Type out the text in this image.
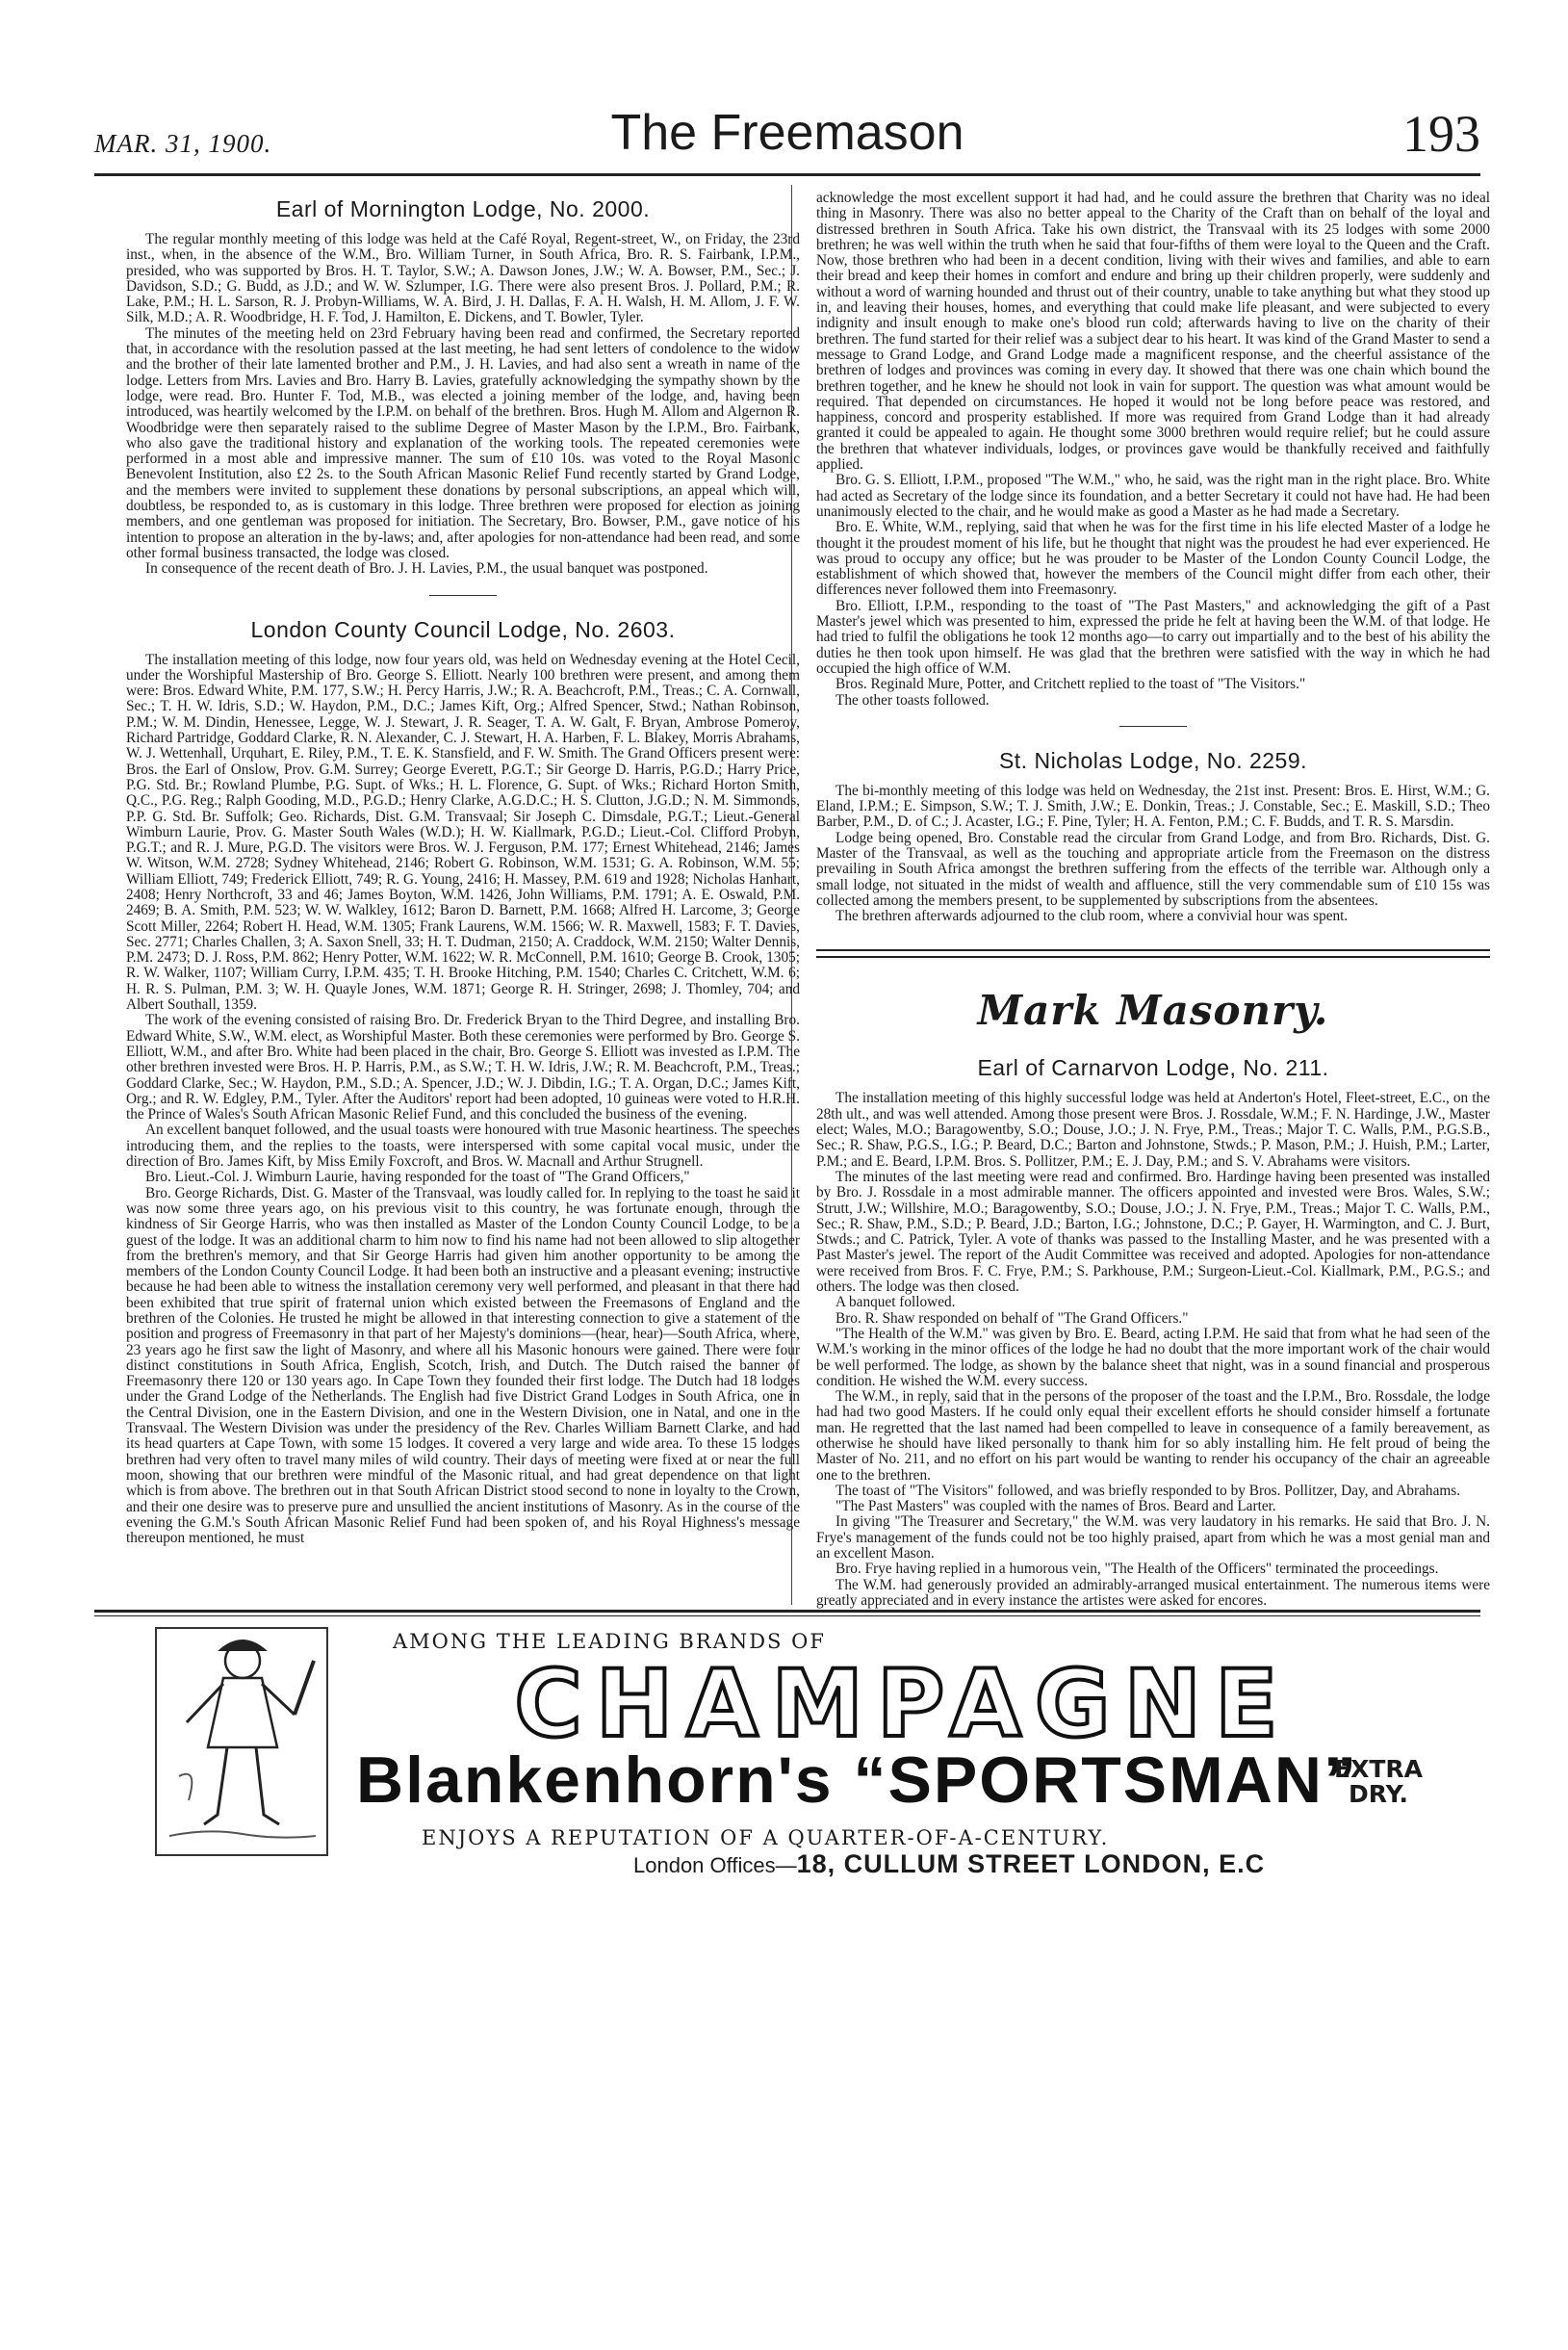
MAR. 31, 1900.	The Freemason	193
Earl of Mornington Lodge, No. 2000.

The regular monthly meeting of this lodge was held at the Café Royal, Regent-street, W., on Friday, the 23rd inst., when, in the absence of the W.M., Bro. William Turner, in South Africa, Bro. R. S. Fairbank, I.P.M., presided, who was supported by Bros. H. T. Taylor, S.W.; A. Dawson Jones, J.W.; W. A. Bowser, P.M., Sec.; J. Davidson, S.D.; G. Budd, as J.D.; and W. W. Szlumper, I.G. There were also present Bros. J. Pollard, P.M.; R. Lake, P.M.; H. L. Sarson, R. J. Probyn-Williams, W. A. Bird, J. H. Dallas, F. A. H. Walsh, H. M. Allom, J. F. W. Silk, M.D.; A. R. Woodbridge, H. F. Tod, J. Hamilton, E. Dickens, and T. Bowler, Tyler.

The minutes of the meeting held on 23rd February having been read and confirmed, the Secretary reported that, in accordance with the resolution passed at the last meeting, he had sent letters of condolence to the widow and the brother of their late lamented brother and P.M., J. H. Lavies, and had also sent a wreath in name of the lodge. Letters from Mrs. Lavies and Bro. Harry B. Lavies, gratefully acknowledging the sympathy shown by the lodge, were read. Bro. Hunter F. Tod, M.B., was elected a joining member of the lodge, and, having been introduced, was heartily welcomed by the I.P.M. on behalf of the brethren. Bros. Hugh M. Allom and Algernon R. Woodbridge were then separately raised to the sublime Degree of Master Mason by the I.P.M., Bro. Fairbank, who also gave the traditional history and explanation of the working tools. The repeated ceremonies were performed in a most able and impressive manner. The sum of £10 10s. was voted to the Royal Masonic Benevolent Institution, also £2 2s. to the South African Masonic Relief Fund recently started by Grand Lodge, and the members were invited to supplement these donations by personal subscriptions, an appeal which will, doubtless, be responded to, as is customary in this lodge. Three brethren were proposed for election as joining members, and one gentleman was proposed for initiation. The Secretary, Bro. Bowser, P.M., gave notice of his intention to propose an alteration in the by-laws; and, after apologies for non-attendance had been read, and some other formal business transacted, the lodge was closed.

In consequence of the recent death of Bro. J. H. Lavies, P.M., the usual banquet was postponed.

London County Council Lodge, No. 2603.

The installation meeting of this lodge, now four years old, was held on Wednesday evening at the Hotel Cecil, under the Worshipful Mastership of Bro. George S. Elliott. Nearly 100 brethren were present, and among them were: Bros. Edward White, P.M. 177, S.W.; H. Percy Harris, J.W.; R. A. Beachcroft, P.M., Treas.; C. A. Cornwall, Sec.; T. H. W. Idris, S.D.; W. Haydon, P.M., D.C.; James Kift, Org.; Alfred Spencer, Stwd.; Nathan Robinson, P.M.; W. M. Dindin, Henessee, Legge, W. J. Stewart, J. R. Seager, T. A. W. Galt, F. Bryan, Ambrose Pomeroy, Richard Partridge, Goddard Clarke, R. N. Alexander, C. J. Stewart, H. A. Harben, F. L. Blakey, Morris Abrahams, W. J. Wettenhall, Urquhart, E. Riley, P.M., T. E. K. Stansfield, and F. W. Smith. The Grand Officers present were: Bros. the Earl of Onslow, Prov. G.M. Surrey; George Everett, P.G.T.; Sir George D. Harris, P.G.D.; Harry Price, P.G. Std. Br.; Rowland Plumbe, P.G. Supt. of Wks.; H. L. Florence, G. Supt. of Wks.; Richard Horton Smith, Q.C., P.G. Reg.; Ralph Gooding, M.D., P.G.D.; Henry Clarke, A.G.D.C.; H. S. Clutton, J.G.D.; N. M. Simmonds, P.P. G. Std. Br. Suffolk; Geo. Richards, Dist. G.M. Transvaal; Sir Joseph C. Dimsdale, P.G.T.; Lieut.-General Wimburn Laurie, Prov. G. Master South Wales (W.D.); H. W. Kiallmark, P.G.D.; Lieut.-Col. Clifford Probyn, P.G.T.; and R. J. Mure, P.G.D. The visitors were Bros. W. J. Ferguson, P.M. 177; Ernest Whitehead, 2146; James W. Witson, W.M. 2728; Sydney Whitehead, 2146; Robert G. Robinson, W.M. 1531; G. A. Robinson, W.M. 55; William Elliott, 749; Frederick Elliott, 749; R. G. Young, 2416; H. Massey, P.M. 619 and 1928; Nicholas Hanhart, 2408; Henry Northcroft, 33 and 46; James Boyton, W.M. 1426, John Williams, P.M. 1791; A. E. Oswald, P.M. 2469; B. A. Smith, P.M. 523; W. W. Walkley, 1612; Baron D. Barnett, P.M. 1668; Alfred H. Larcome, 3; George Scott Miller, 2264; Robert H. Head, W.M. 1305; Frank Laurens, W.M. 1566; W. R. Maxwell, 1583; F. T. Davies, Sec. 2771; Charles Challen, 3; A. Saxon Snell, 33; H. T. Dudman, 2150; A. Craddock, W.M. 2150; Walter Dennis, P.M. 2473; D. J. Ross, P.M. 862; Henry Potter, W.M. 1622; W. R. McConnell, P.M. 1610; George B. Crook, 1305; R. W. Walker, 1107; William Curry, I.P.M. 435; T. H. Brooke Hitching, P.M. 1540; Charles C. Critchett, W.M. 6; H. R. S. Pulman, P.M. 3; W. H. Quayle Jones, W.M. 1871; George R. H. Stringer, 2698; J. Thomley, 704; and Albert Southall, 1359.

The work of the evening consisted of raising Bro. Dr. Frederick Bryan to the Third Degree, and installing Bro. Edward White, S.W., W.M. elect, as Worshipful Master. Both these ceremonies were performed by Bro. George S. Elliott, W.M., and after Bro. White had been placed in the chair, Bro. George S. Elliott was invested as I.P.M. The other brethren invested were Bros. H. P. Harris, P.M., as S.W.; T. H. W. Idris, J.W.; R. M. Beachcroft, P.M., Treas.; Goddard Clarke, Sec.; W. Haydon, P.M., S.D.; A. Spencer, J.D.; W. J. Dibdin, I.G.; T. A. Organ, D.C.; James Kift, Org.; and R. W. Edgley, P.M., Tyler. After the Auditors' report had been adopted, 10 guineas were voted to H.R.H. the Prince of Wales's South African Masonic Relief Fund, and this concluded the business of the evening.

An excellent banquet followed, and the usual toasts were honoured with true Masonic heartiness. The speeches introducing them, and the replies to the toasts, were interspersed with some capital vocal music, under the direction of Bro. James Kift, by Miss Emily Foxcroft, and Bros. W. Macnall and Arthur Strugnell.

Bro. Lieut.-Col. J. Wimburn Laurie, having responded for the toast of "The Grand Officers,"

Bro. George Richards, Dist. G. Master of the Transvaal, was loudly called for. In replying to the toast he said it was now some three years ago, on his previous visit to this country, he was fortunate enough, through the kindness of Sir George Harris, who was then installed as Master of the London County Council Lodge, to be a guest of the lodge. It was an additional charm to him now to find his name had not been allowed to slip altogether from the brethren's memory, and that Sir George Harris had given him another opportunity to be among the members of the London County Council Lodge. It had been both an instructive and a pleasant evening; instructive because he had been able to witness the installation ceremony very well performed, and pleasant in that there had been exhibited that true spirit of fraternal union which existed between the Freemasons of England and the brethren of the Colonies. He trusted he might be allowed in that interesting connection to give a statement of the position and progress of Freemasonry in that part of her Majesty's dominions—(hear, hear)—South Africa, where, 23 years ago he first saw the light of Masonry, and where all his Masonic honours were gained. There were four distinct constitutions in South Africa, English, Scotch, Irish, and Dutch. The Dutch raised the banner of Freemasonry there 120 or 130 years ago. In Cape Town they founded their first lodge. The Dutch had 18 lodges under the Grand Lodge of the Netherlands. The English had five District Grand Lodges in South Africa, one in the Central Division, one in the Eastern Division, and one in the Western Division, one in Natal, and one in the Transvaal. The Western Division was under the presidency of the Rev. Charles William Barnett Clarke, and had its head quarters at Cape Town, with some 15 lodges. It covered a very large and wide area. To these 15 lodges brethren had very often to travel many miles of wild country. Their days of meeting were fixed at or near the full moon, showing that our brethren were mindful of the Masonic ritual, and had great dependence on that light which is from above. The brethren out in that South African District stood second to none in loyalty to the Crown, and their one desire was to preserve pure and unsullied the ancient institutions of Masonry. As in the course of the evening the G.M.'s South African Masonic Relief Fund had been spoken of, and his Royal Highness's message thereupon mentioned, he must

acknowledge the most excellent support it had had, and he could assure the brethren that Charity was no ideal thing in Masonry. There was also no better appeal to the Charity of the Craft than on behalf of the loyal and distressed brethren in South Africa. Take his own district, the Transvaal with its 25 lodges with some 2000 brethren; he was well within the truth when he said that four-fifths of them were loyal to the Queen and the Craft. Now, those brethren who had been in a decent condition, living with their wives and families, and able to earn their bread and keep their homes in comfort and endure and bring up their children properly, were suddenly and without a word of warning hounded and thrust out of their country, unable to take anything but what they stood up in, and leaving their houses, homes, and everything that could make life pleasant, and were subjected to every indignity and insult enough to make one's blood run cold; afterwards having to live on the charity of their brethren. The fund started for their relief was a subject dear to his heart. It was kind of the Grand Master to send a message to Grand Lodge, and Grand Lodge made a magnificent response, and the cheerful assistance of the brethren of lodges and provinces was coming in every day. It showed that there was one chain which bound the brethren together, and he knew he should not look in vain for support. The question was what amount would be required. That depended on circumstances. He hoped it would not be long before peace was restored, and happiness, concord and prosperity established. If more was required from Grand Lodge than it had already granted it could be appealed to again. He thought some 3000 brethren would require relief; but he could assure the brethren that whatever individuals, lodges, or provinces gave would be thankfully received and faithfully applied.

Bro. G. S. Elliott, I.P.M., proposed "The W.M.," who, he said, was the right man in the right place. Bro. White had acted as Secretary of the lodge since its foundation, and a better Secretary it could not have had. He had been unanimously elected to the chair, and he would make as good a Master as he had made a Secretary.

Bro. E. White, W.M., replying, said that when he was for the first time in his life elected Master of a lodge he thought it the proudest moment of his life, but he thought that night was the proudest he had ever experienced. He was proud to occupy any office; but he was prouder to be Master of the London County Council Lodge, the establishment of which showed that, however the members of the Council might differ from each other, their differences never followed them into Freemasonry.

Bro. Elliott, I.P.M., responding to the toast of "The Past Masters," and acknowledging the gift of a Past Master's jewel which was presented to him, expressed the pride he felt at having been the W.M. of that lodge. He had tried to fulfil the obligations he took 12 months ago—to carry out impartially and to the best of his ability the duties he then took upon himself. He was glad that the brethren were satisfied with the way in which he had occupied the high office of W.M.

Bros. Reginald Mure, Potter, and Critchett replied to the toast of "The Visitors."

The other toasts followed.

St. Nicholas Lodge, No. 2259.

The bi-monthly meeting of this lodge was held on Wednesday, the 21st inst. Present: Bros. E. Hirst, W.M.; G. Eland, I.P.M.; E. Simpson, S.W.; T. J. Smith, J.W.; E. Donkin, Treas.; J. Constable, Sec.; E. Maskill, S.D.; Theo Barber, P.M., D. of C.; J. Acaster, I.G.; F. Pine, Tyler; H. A. Fenton, P.M.; C. F. Budds, and T. R. S. Marsdin.

Lodge being opened, Bro. Constable read the circular from Grand Lodge, and from Bro. Richards, Dist. G. Master of the Transvaal, as well as the touching and appropriate article from the Freemason on the distress prevailing in South Africa amongst the brethren suffering from the effects of the terrible war. Although only a small lodge, not situated in the midst of wealth and affluence, still the very commendable sum of £10 15s was collected among the members present, to be supplemented by subscriptions from the absentees.

The brethren afterwards adjourned to the club room, where a convivial hour was spent.

Mark Masonry.
Earl of Carnarvon Lodge, No. 211.

The installation meeting of this highly successful lodge was held at Anderton's Hotel, Fleet-street, E.C., on the 28th ult., and was well attended. Among those present were Bros. J. Rossdale, W.M.; F. N. Hardinge, J.W., Master elect; Wales, M.O.; Baragowentby, S.O.; Douse, J.O.; J. N. Frye, P.M., Treas.; Major T. C. Walls, P.M., P.G.S.B., Sec.; R. Shaw, P.G.S., I.G.; P. Beard, D.C.; Barton and Johnstone, Stwds.; P. Mason, P.M.; J. Huish, P.M.; Larter, P.M.; and E. Beard, I.P.M. Bros. S. Pollitzer, P.M.; E. J. Day, P.M.; and S. V. Abrahams were visitors.

The minutes of the last meeting were read and confirmed. Bro. Hardinge having been presented was installed by Bro. J. Rossdale in a most admirable manner. The officers appointed and invested were Bros. Wales, S.W.; Strutt, J.W.; Willshire, M.O.; Baragowentby, S.O.; Douse, J.O.; J. N. Frye, P.M., Treas.; Major T. C. Walls, P.M., Sec.; R. Shaw, P.M., S.D.; P. Beard, J.D.; Barton, I.G.; Johnstone, D.C.; P. Gayer, H. Warmington, and C. J. Burt, Stwds.; and C. Patrick, Tyler. A vote of thanks was passed to the Installing Master, and he was presented with a Past Master's jewel. The report of the Audit Committee was received and adopted. Apologies for non-attendance were received from Bros. F. C. Frye, P.M.; S. Parkhouse, P.M.; Surgeon-Lieut.-Col. Kiallmark, P.M., P.G.S.; and others. The lodge was then closed.

A banquet followed.

Bro. R. Shaw responded on behalf of "The Grand Officers."

"The Health of the W.M." was given by Bro. E. Beard, acting I.P.M. He said that from what he had seen of the W.M.'s working in the minor offices of the lodge he had no doubt that the more important work of the chair would be well performed. The lodge, as shown by the balance sheet that night, was in a sound financial and prosperous condition. He wished the W.M. every success.

The W.M., in reply, said that in the persons of the proposer of the toast and the I.P.M., Bro. Rossdale, the lodge had had two good Masters. If he could only equal their excellent efforts he should consider himself a fortunate man. He regretted that the last named had been compelled to leave in consequence of a family bereavement, as otherwise he should have liked personally to thank him for so ably installing him. He felt proud of being the Master of No. 211, and no effort on his part would be wanting to render his occupancy of the chair an agreeable one to the brethren.

The toast of "The Visitors" followed, and was briefly responded to by Bros. Pollitzer, Day, and Abrahams.

"The Past Masters" was coupled with the names of Bros. Beard and Larter.

In giving "The Treasurer and Secretary," the W.M. was very laudatory in his remarks. He said that Bro. J. N. Frye's management of the funds could not be too highly praised, apart from which he was a most genial man and an excellent Mason.

Bro. Frye having replied in a humorous vein, "The Health of the Officers" terminated the proceedings.

The W.M. had generously provided an admirably-arranged musical entertainment. The numerous items were greatly appreciated and in every instance the artistes were asked for encores.

AMONG THE LEADING BRANDS OF
CHAMPAGNE
Blankenhorn's “SPORTSMAN”
EXTRA
DRY.
ENJOYS A REPUTATION OF A QUARTER-OF-A-CENTURY.
London Offices—18, CULLUM STREET LONDON, E.C
